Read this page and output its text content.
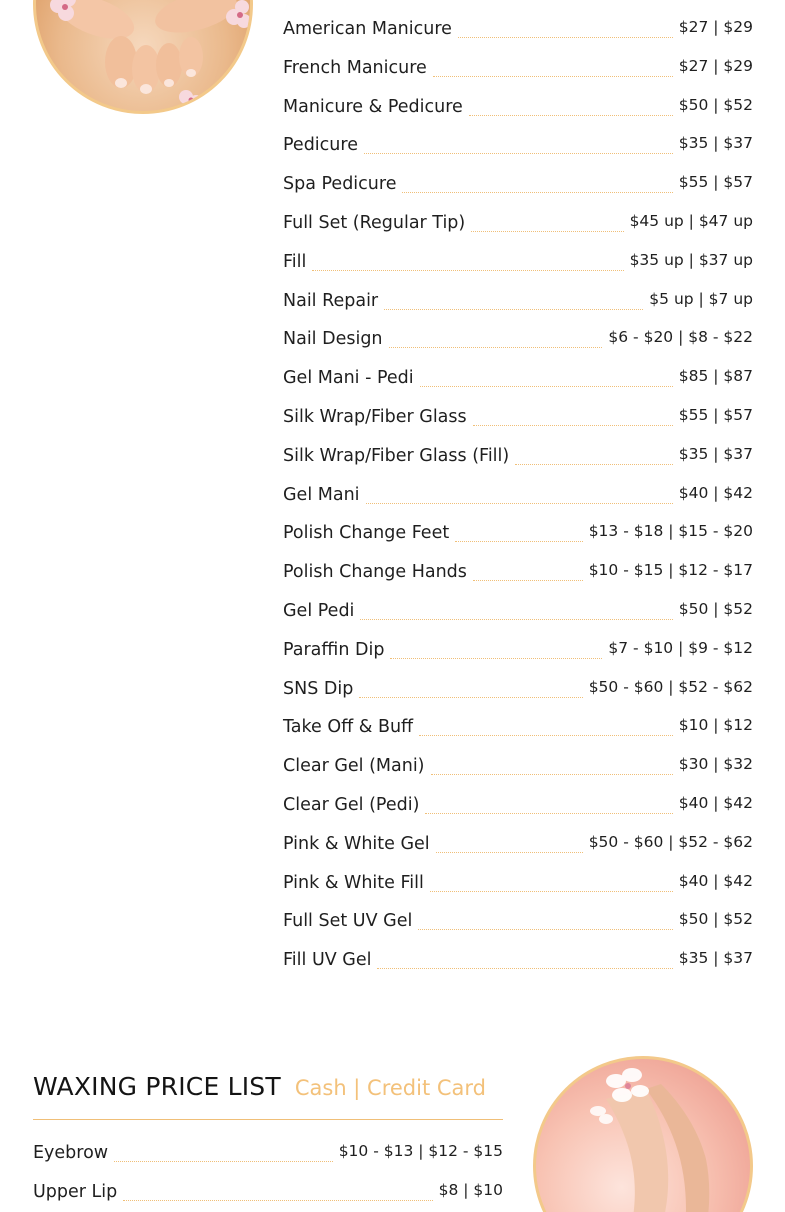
American Manicure	$27 | $29
French Manicure	$27 | $29
Manicure & Pedicure	$50 | $52
Pedicure	$35 | $37
Spa Pedicure	$55 | $57
Full Set (Regular Tip)	$45 up | $47 up
Fill	$35 up | $37 up
Nail Repair	$5 up | $7 up
Nail Design	$6 - $20 | $8 - $22
Gel Mani - Pedi	$85 | $87
Silk Wrap/Fiber Glass	$55 | $57
Silk Wrap/Fiber Glass (Fill)	$35 | $37
Gel Mani	$40 | $42
Polish Change Feet	$13 - $18 | $15 - $20
Polish Change Hands	$10 - $15 | $12 - $17
Gel Pedi	$50 | $52
Paraffin Dip	$7 - $10 | $9 - $12
SNS Dip	$50 - $60 | $52 - $62
Take Off & Buff	$10 | $12
Clear Gel (Mani)	$30 | $32
Clear Gel (Pedi)	$40 | $42
Pink & White Gel	$50 - $60 | $52 - $62
Pink & White Fill	$40 | $42
Full Set UV Gel	$50 | $52
Fill UV Gel	$35 | $37
WAXING PRICE LIST Cash | Credit Card
Eyebrow	$10 - $13 | $12 - $15
Upper Lip	$8 | $10
